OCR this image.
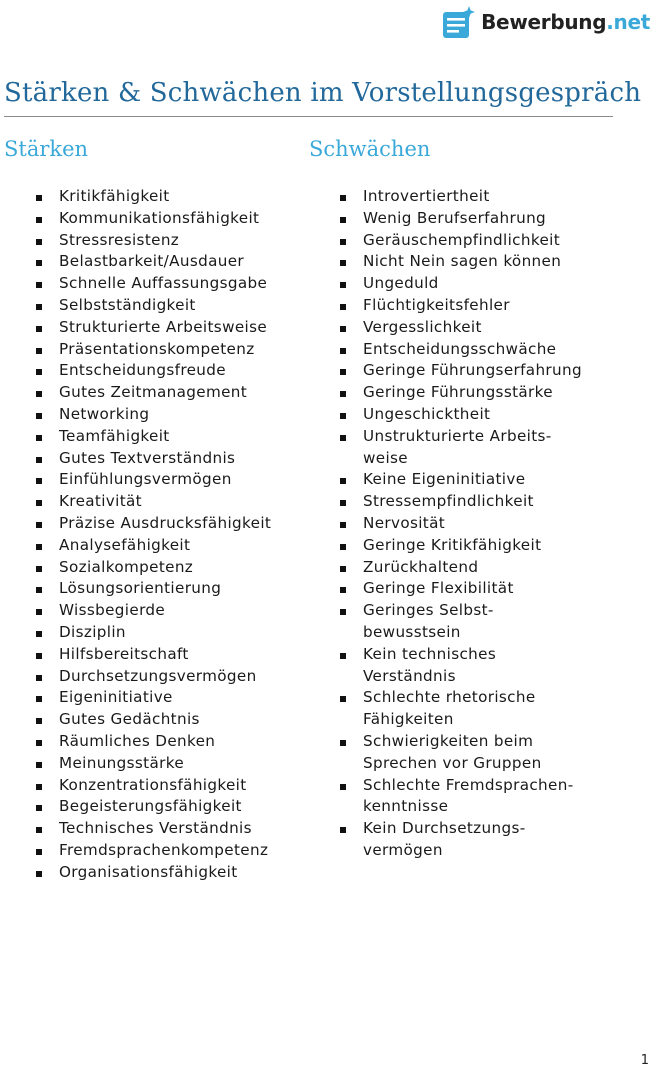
Bewerbung.net
Stärken & Schwächen im Vorstellungsgespräch
Stärken	Schwächen
Kritikfähigkeit
Kommunikationsfähigkeit
Stressresistenz
Belastbarkeit/Ausdauer
Schnelle Auffassungsgabe
Selbstständigkeit
Strukturierte Arbeitsweise
Präsentationskompetenz
Entscheidungsfreude
Gutes Zeitmanagement
Networking
Teamfähigkeit
Gutes Textverständnis
Einfühlungsvermögen
Kreativität
Präzise Ausdrucksfähigkeit
Analysefähigkeit
Sozialkompetenz
Lösungsorientierung
Wissbegierde
Disziplin
Hilfsbereitschaft
Durchsetzungsvermögen
Eigeninitiative
Gutes Gedächtnis
Räumliches Denken
Meinungsstärke
Konzentrationsfähigkeit
Begeisterungsfähigkeit
Technisches Verständnis
Fremdsprachenkompetenz
Organisationsfähigkeit
Introvertiertheit
Wenig Berufserfahrung
Geräuschempfindlichkeit
Nicht Nein sagen können
Ungeduld
Flüchtigkeitsfehler
Vergesslichkeit
Entscheidungsschwäche
Geringe Führungserfahrung
Geringe Führungsstärke
Ungeschicktheit
Unstrukturierte Arbeits-
weise
Keine Eigeninitiative
Stressempfindlichkeit
Nervosität
Geringe Kritikfähigkeit
Zurückhaltend
Geringe Flexibilität
Geringes Selbst-
bewusstsein
Kein technisches
Verständnis
Schlechte rhetorische
Fähigkeiten
Schwierigkeiten beim
Sprechen vor Gruppen
Schlechte Fremdsprachen-
kenntnisse
Kein Durchsetzungs-
vermögen
1
